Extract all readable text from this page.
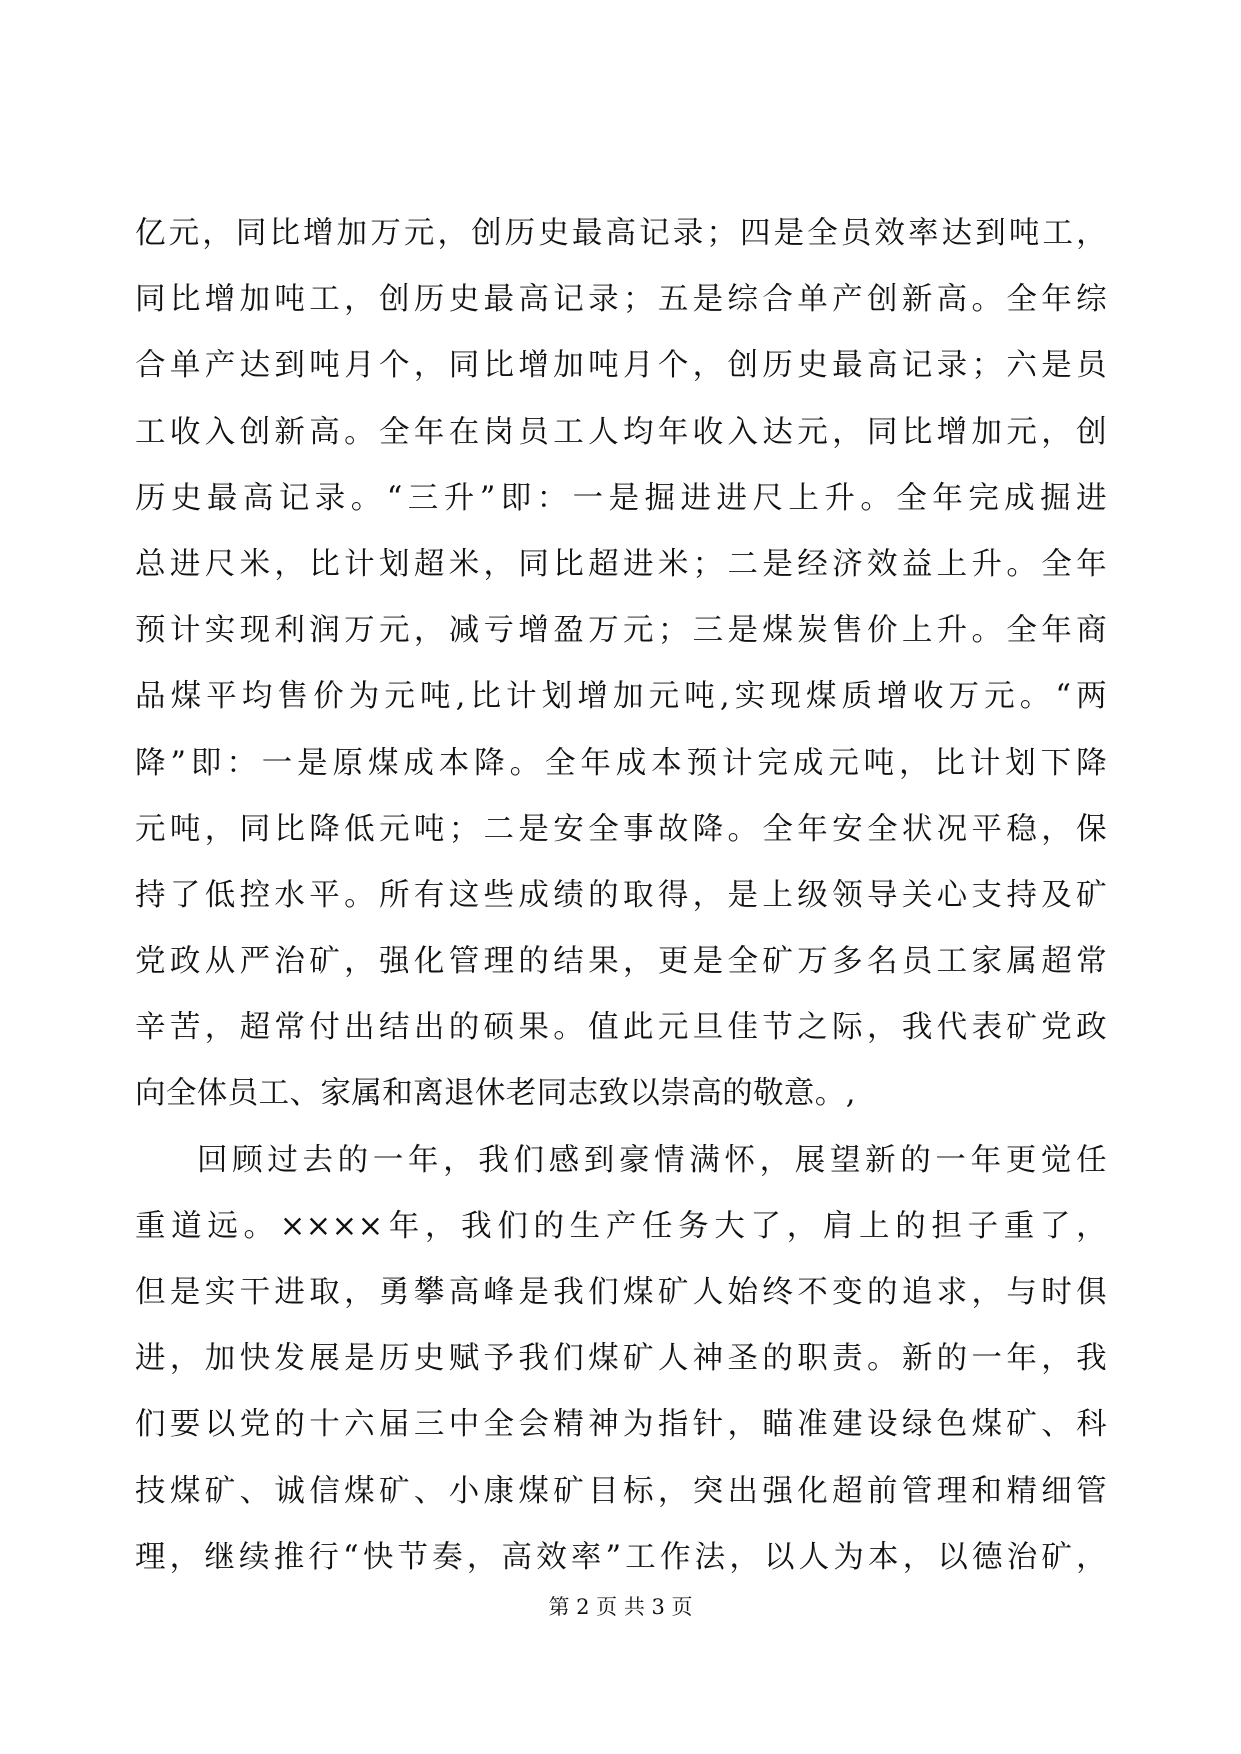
亿元，同比增加万元，创历史最高记录；四是全员效率达到吨工，
同比增加吨工，创历史最高记录；五是综合单产创新高。全年综
合单产达到吨月个，同比增加吨月个，创历史最高记录；六是员
工收入创新高。全年在岗员工人均年收入达元，同比增加元，创
历史最高记录。“三升”即：一是掘进进尺上升。全年完成掘进
总进尺米，比计划超米，同比超进米；二是经济效益上升。全年
预计实现利润万元，减亏增盈万元；三是煤炭售价上升。全年商
品煤平均售价为元吨,比计划增加元吨,实现煤质增收万元。“两
降”即：一是原煤成本降。全年成本预计完成元吨，比计划下降
元吨，同比降低元吨；二是安全事故降。全年安全状况平稳，保
持了低控水平。所有这些成绩的取得，是上级领导关心支持及矿
党政从严治矿，强化管理的结果，更是全矿万多名员工家属超常
辛苦，超常付出结出的硕果。值此元旦佳节之际，我代表矿党政
向全体员工、家属和离退休老同志致以崇高的敬意。,
回顾过去的一年，我们感到豪情满怀，展望新的一年更觉任
重道远。××××年，我们的生产任务大了，肩上的担子重了，
但是实干进取，勇攀高峰是我们煤矿人始终不变的追求，与时俱
进，加快发展是历史赋予我们煤矿人神圣的职责。新的一年，我
们要以党的十六届三中全会精神为指针，瞄准建设绿色煤矿、科
技煤矿、诚信煤矿、小康煤矿目标，突出强化超前管理和精细管
理，继续推行“快节奏，高效率”工作法，以人为本，以德治矿，
第 2 页 共 3 页
